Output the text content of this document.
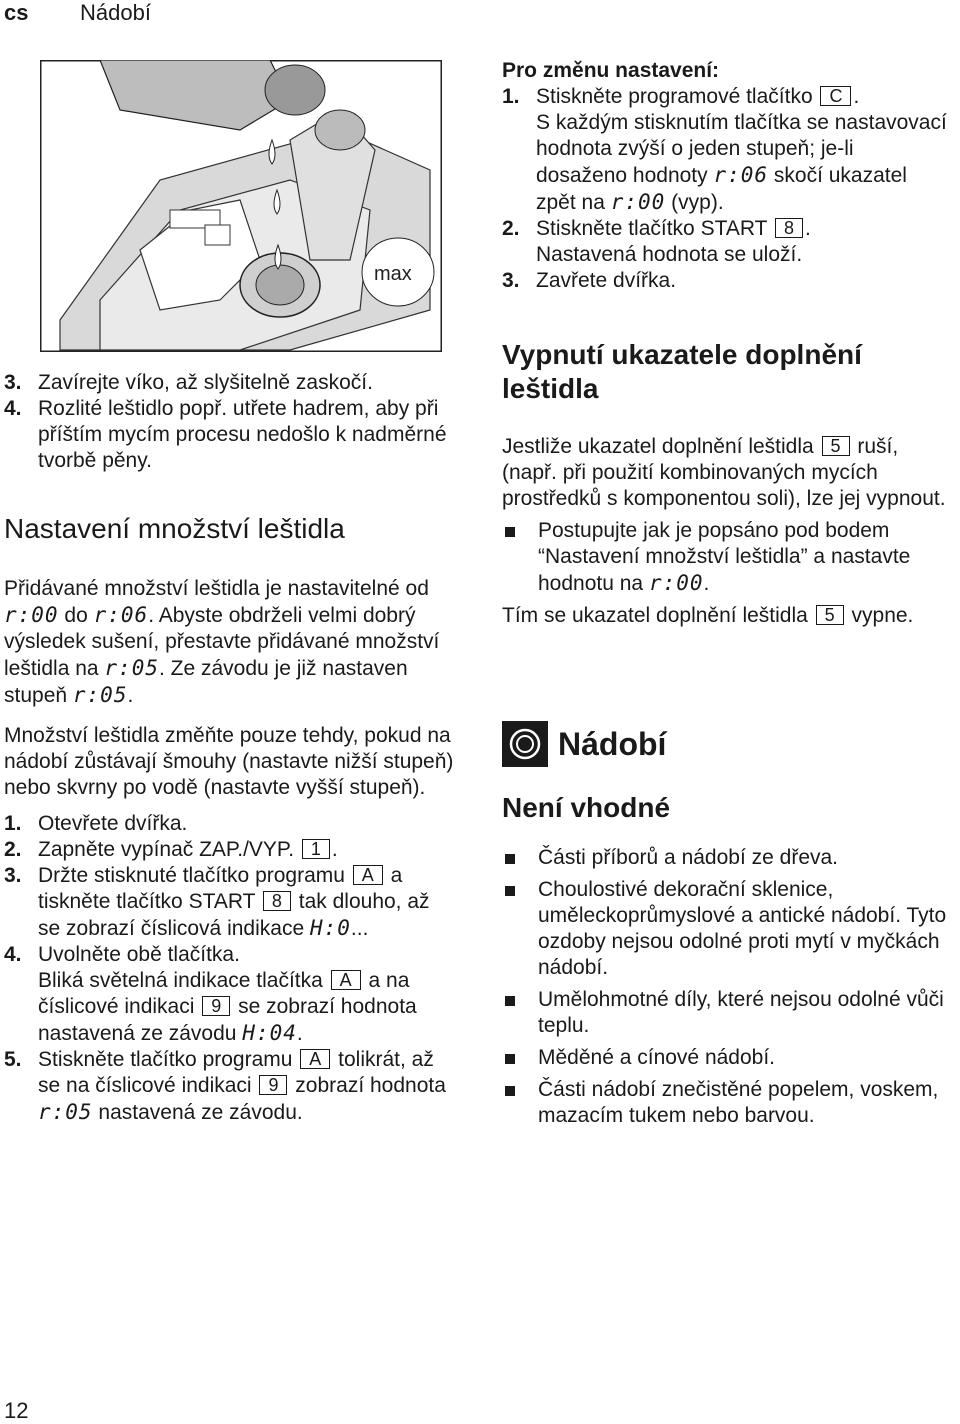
cs Nádobí
max
3. Zavírejte víko, až slyšitelně zaskočí.
4. Rozlité leštidlo popř. utřete hadrem, aby při příštím mycím procesu nedošlo k nadměrné tvorbě pěny.
Nastavení množství leštidla

Přidávané množství leštidla je nastavitelné od r:00 do r:06. Abyste obdrželi velmi dobrý výsledek sušení, přestavte přidávané množství leštidla na r:05. Ze závodu je již nastaven stupeň r:05.

Množství leštidla změňte pouze tehdy, pokud na nádobí zůstávají šmouhy (nastavte nižší stupeň) nebo skvrny po vodě (nastavte vyšší stupeň).

1. Otevřete dvířka.
2. Zapněte vypínač ZAP./VYP. 1 .
3. Držte stisknuté tlačítko programu A a tiskněte tlačítko START 8 tak dlouho, až se zobrazí číslicová indikace H:0...
4. Uvolněte obě tlačítka.
Bliká světelná indikace tlačítka A a na číslicové indikaci 9 se zobrazí hodnota nastavená ze závodu H:04.
5. Stiskněte tlačítko programu A tolikrát, až se na číslicové indikaci 9 zobrazí hodnota r:05 nastavená ze závodu.
Pro změnu nastavení:
1. Stiskněte programové tlačítko C .
S každým stisknutím tlačítka se nastavovací hodnota zvýší o jeden stupeň; je-li dosaženo hodnoty r:06 skočí ukazatel zpět na r:00 (vyp).
2. Stiskněte tlačítko START 8 .
Nastavená hodnota se uloží.
3. Zavřete dvířka.
Vypnutí ukazatele doplnění leštidla

Jestliže ukazatel doplnění leštidla 5 ruší, (např. při použití kombinovaných mycích prostředků s komponentou soli), lze jej vypnout.

Postupujte jak je popsáno pod bodem “Nastavení množství leštidla” a nastavte hodnotu na r:00.

Tím se ukazatel doplnění leštidla 5 vypne.

Nádobí
Není vhodné
Části příborů a nádobí ze dřeva.
Choulostivé dekorační sklenice, uměleckoprůmyslové a antické nádobí. Tyto ozdoby nejsou odolné proti mytí v myčkách nádobí.
Umělohmotné díly, které nejsou odolné vůči teplu.
Měděné a cínové nádobí.
Části nádobí znečistěné popelem, voskem, mazacím tukem nebo barvou.
12
